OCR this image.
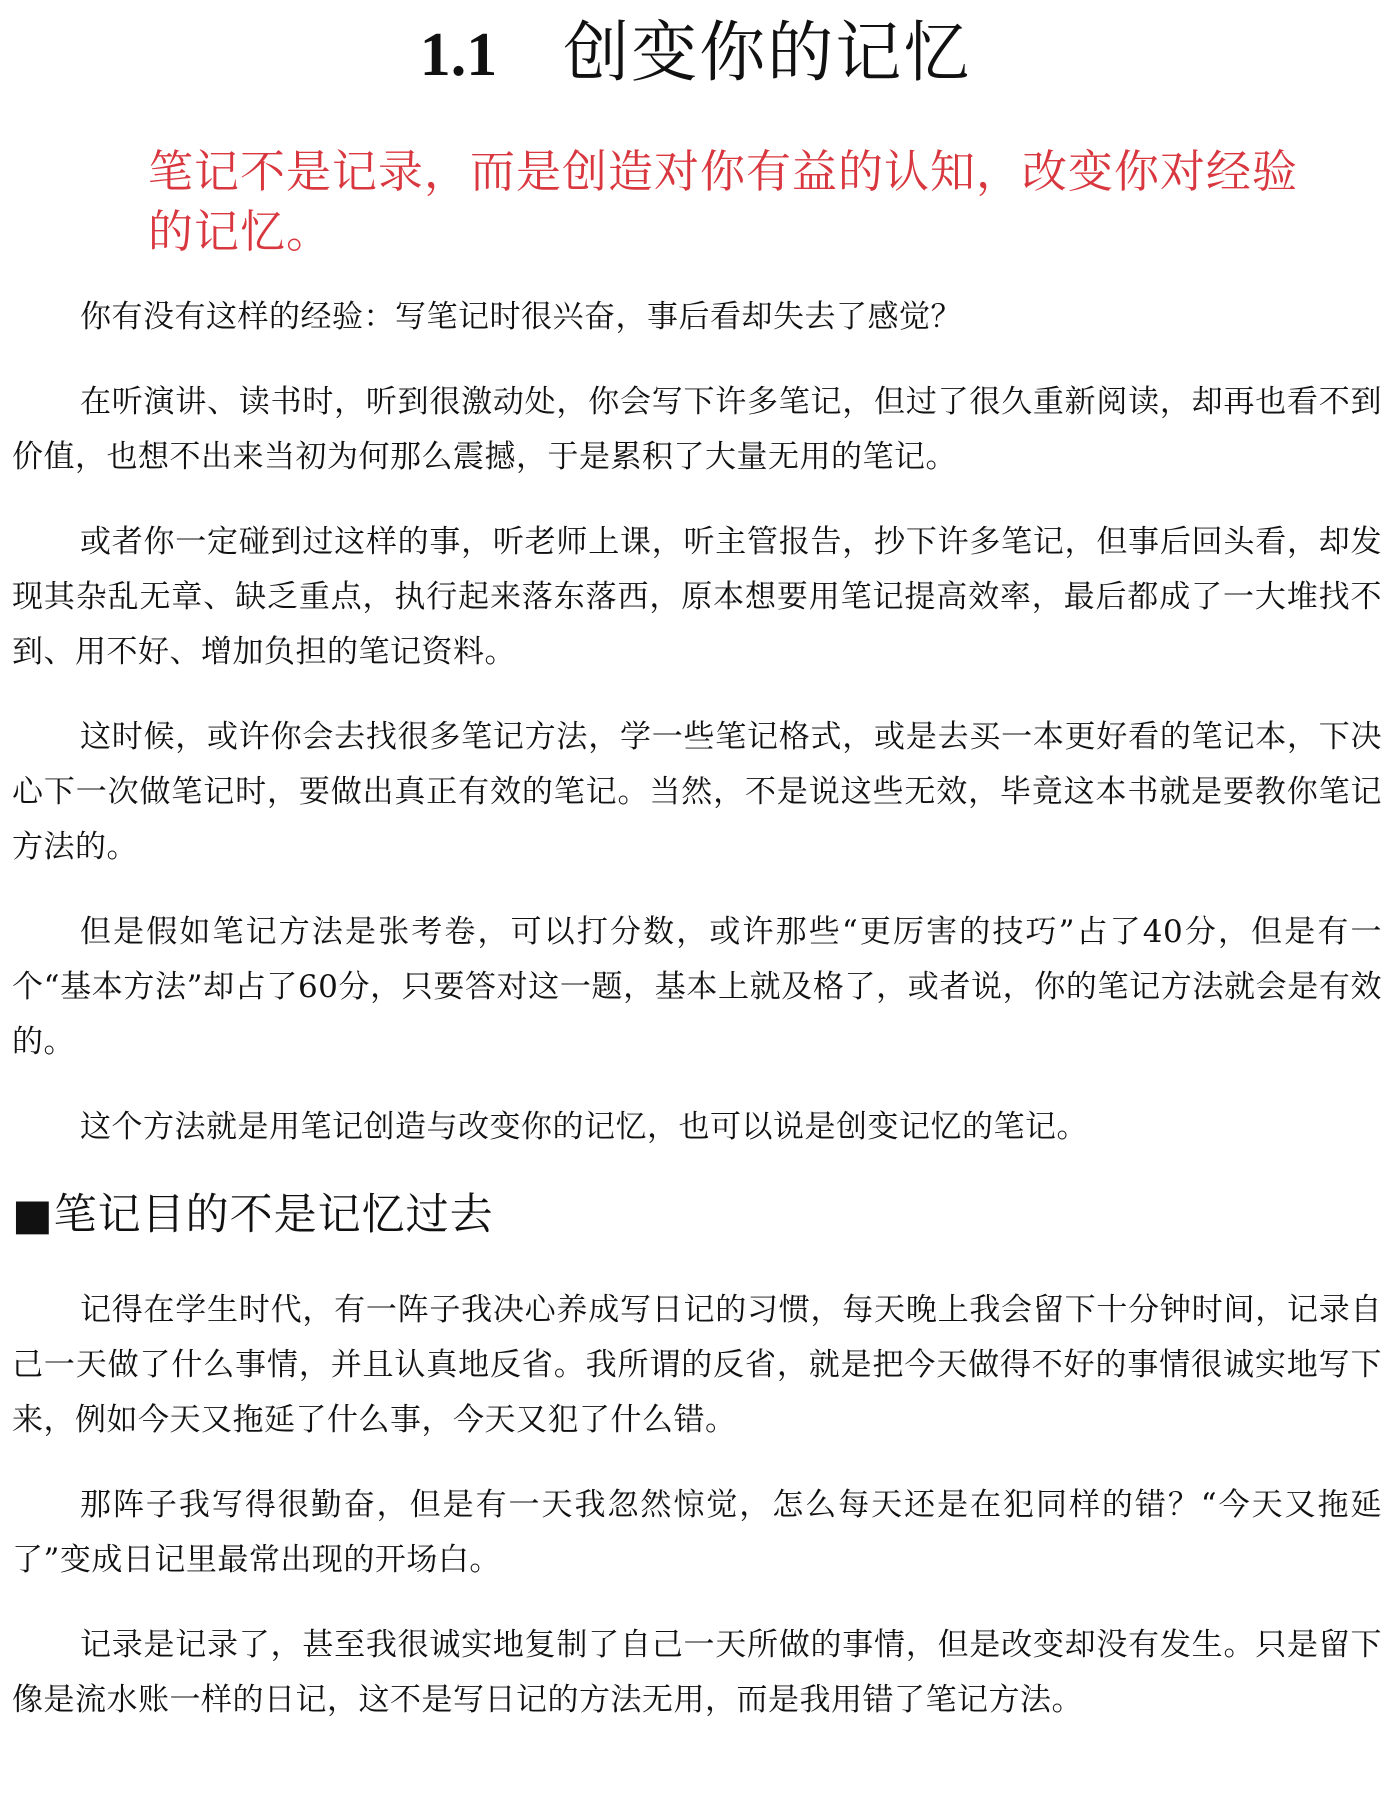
1.1 创变你的记忆

笔记不是记录，而是创造对你有益的认知，改变你对经验的记忆。

你有没有这样的经验：写笔记时很兴奋，事后看却失去了感觉？

在听演讲、读书时，听到很激动处，你会写下许多笔记，但过了很久重新阅读，却再也看不到价值，也想不出来当初为何那么震撼，于是累积了大量无用的笔记。

或者你一定碰到过这样的事，听老师上课，听主管报告，抄下许多笔记，但事后回头看，却发现其杂乱无章、缺乏重点，执行起来落东落西，原本想要用笔记提高效率，最后都成了一大堆找不到、用不好、增加负担的笔记资料。

这时候，或许你会去找很多笔记方法，学一些笔记格式，或是去买一本更好看的笔记本，下决心下一次做笔记时，要做出真正有效的笔记。当然，不是说这些无效，毕竟这本书就是要教你笔记方法的。

但是假如笔记方法是张考卷，可以打分数，或许那些“更厉害的技巧”占了40分，但是有一个“基本方法”却占了60分，只要答对这一题，基本上就及格了，或者说，你的笔记方法就会是有效的。

这个方法就是用笔记创造与改变你的记忆，也可以说是创变记忆的笔记。

■笔记目的不是记忆过去

记得在学生时代，有一阵子我决心养成写日记的习惯，每天晚上我会留下十分钟时间，记录自己一天做了什么事情，并且认真地反省。我所谓的反省，就是把今天做得不好的事情很诚实地写下来，例如今天又拖延了什么事，今天又犯了什么错。

那阵子我写得很勤奋，但是有一天我忽然惊觉，怎么每天还是在犯同样的错？“今天又拖延了”变成日记里最常出现的开场白。

记录是记录了，甚至我很诚实地复制了自己一天所做的事情，但是改变却没有发生。只是留下像是流水账一样的日记，这不是写日记的方法无用，而是我用错了笔记方法。
